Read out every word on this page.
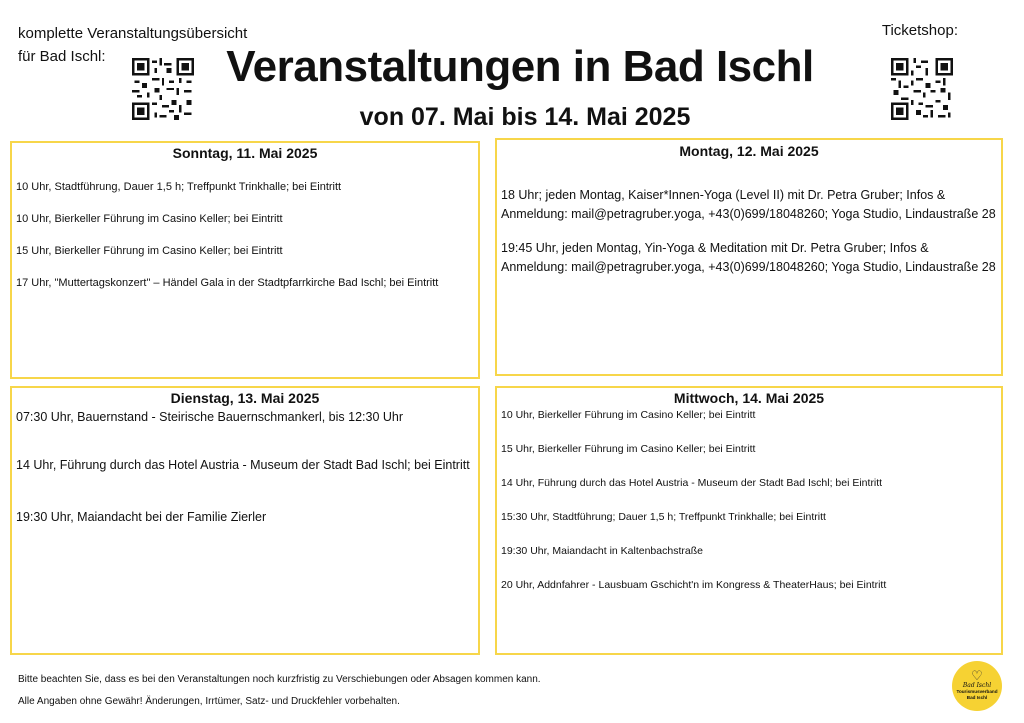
komplette Veranstaltungsübersicht
für Bad Ischl:	Veranstaltungen in Bad Ischl
von 07. Mai bis 14. Mai 2025
Ticketshop:
Sonntag, 11. Mai 2025

10 Uhr, Stadtführung, Dauer 1,5 h; Treffpunkt Trinkhalle; bei Eintritt

10 Uhr, Bierkeller Führung im Casino Keller; bei Eintritt

15 Uhr, Bierkeller Führung im Casino Keller; bei Eintritt

17 Uhr, "Muttertagskonzert" – Händel Gala in der Stadtpfarrkirche Bad Ischl; bei Eintritt

Montag, 12. Mai 2025

18 Uhr; jeden Montag, Kaiser*Innen-Yoga (Level II) mit Dr. Petra Gruber; Infos & Anmeldung: mail@petragruber.yoga, +43(0)699/18048260; Yoga Studio, Lindaustraße 28

19:45 Uhr, jeden Montag, Yin-Yoga & Meditation mit Dr. Petra Gruber; Infos & Anmeldung: mail@petragruber.yoga, +43(0)699/18048260; Yoga Studio, Lindaustraße 28

Dienstag, 13. Mai 2025

07:30 Uhr, Bauernstand - Steirische Bauernschmankerl, bis 12:30 Uhr

14 Uhr, Führung durch das Hotel Austria - Museum der Stadt Bad Ischl; bei Eintritt

19:30 Uhr, Maiandacht bei der Familie Zierler

Mittwoch, 14. Mai 2025

10 Uhr, Bierkeller Führung im Casino Keller; bei Eintritt

15 Uhr, Bierkeller Führung im Casino Keller; bei Eintritt

14 Uhr, Führung durch das Hotel Austria - Museum der Stadt Bad Ischl; bei Eintritt

15:30 Uhr, Stadtführung; Dauer 1,5 h; Treffpunkt Trinkhalle; bei Eintritt

19:30 Uhr, Maiandacht in Kaltenbachstraße

20 Uhr, Addnfahrer - Lausbuam Gschicht'n im Kongress & TheaterHaus; bei Eintritt

Bitte beachten Sie, dass es bei den Veranstaltungen noch kurzfristig zu Verschiebungen oder Absagen kommen kann.
Alle Angaben ohne Gewähr! Änderungen, Irrtümer, Satz- und Druckfehler vorbehalten.
♡
Bad Ischl
Tourismusverband
Bad Ischl
